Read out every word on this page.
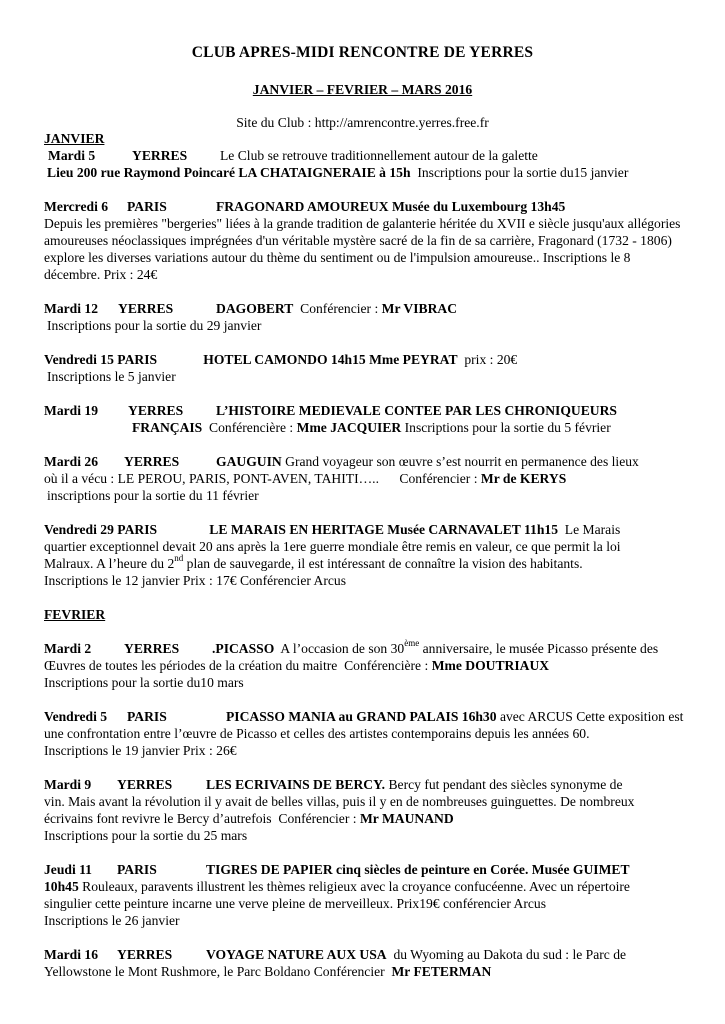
CLUB APRES-MIDI RENCONTRE DE YERRES
JANVIER – FEVRIER – MARS 2016
Site du Club : http://amrencontre.yerres.free.fr

JANVIER

Mardi 5	YERRES Le Club se retrouve traditionnellement autour de la galette

Lieu 200 rue Raymond Poincaré LA CHATAIGNERAIE à 15h Inscriptions pour la sortie du15 janvier

Mercredi 6 PARIS	FRAGONARD AMOUREUX Musée du Luxembourg 13h45

Depuis les premières "bergeries" liées à la grande tradition de galanterie héritée du XVII e siècle jusqu'aux allégories amoureuses néoclassiques imprégnées d'un véritable mystère sacré de la fin de sa carrière, Fragonard (1732 - 1806) explore les diverses variations autour du thème du sentiment ou de l'impulsion amoureuse.. Inscriptions le 8 décembre. Prix : 24€

Mardi 12 YERRES	DAGOBERT Conférencier : Mr VIBRAC

Inscriptions pour la sortie du 29 janvier

Vendredi 15 PARIS	HOTEL CAMONDO 14h15 Mme PEYRAT prix : 20€

Inscriptions le 5 janvier

Mardi 19 YERRES L’HISTOIRE MEDIEVALE CONTEE PAR LES CHRONIQUEURS

FRANÇAIS Conférencière : Mme JACQUIER Inscriptions pour la sortie du 5 février

Mardi 26 YERRES	GAUGUIN Grand voyageur son œuvre s’est nourrit en permanence des lieux

où il a vécu : LE PEROU, PARIS, PONT-AVEN, TAHITI….. Conférencier : Mr de KERYS

inscriptions pour la sortie du 11 février

Vendredi 29 PARIS	LE MARAIS EN HERITAGE Musée CARNAVALET 11h15 Le Marais

quartier exceptionnel devait 20 ans après la 1ere guerre mondiale être remis en valeur, ce que permit la loi

Malraux. A l’heure du 2nd plan de sauvegarde, il est intéressant de connaître la vision des habitants.

Inscriptions le 12 janvier Prix : 17€ Conférencier Arcus

FEVRIER

Mardi 2 YERRES .PICASSO A l’occasion de son 30ème anniversaire, le musée Picasso présente des

Œuvres de toutes les périodes de la création du maitre Conférencière : Mme DOUTRIAUX

Inscriptions pour la sortie du10 mars

Vendredi 5 PARIS	PICASSO MANIA au GRAND PALAIS 16h30 avec ARCUS Cette exposition est

une confrontation entre l’œuvre de Picasso et celles des artistes contemporains depuis les années 60.

Inscriptions le 19 janvier Prix : 26€

Mardi 9 YERRES LES ECRIVAINS DE BERCY. Bercy fut pendant des siècles synonyme de

vin. Mais avant la révolution il y avait de belles villas, puis il y en de nombreuses guinguettes. De nombreux

écrivains font revivre le Bercy d’autrefois Conférencier : Mr MAUNAND

Inscriptions pour la sortie du 25 mars

Jeudi 11 PARIS	TIGRES DE PAPIER cinq siècles de peinture en Corée. Musée GUIMET

10h45 Rouleaux, paravents illustrent les thèmes religieux avec la croyance confucéenne. Avec un répertoire

singulier cette peinture incarne une verve pleine de merveilleux. Prix19€ conférencier Arcus

Inscriptions le 26 janvier

Mardi 16 YERRES VOYAGE NATURE AUX USA du Wyoming au Dakota du sud : le Parc de

Yellowstone le Mont Rushmore, le Parc Boldano Conférencier Mr FETERMAN
